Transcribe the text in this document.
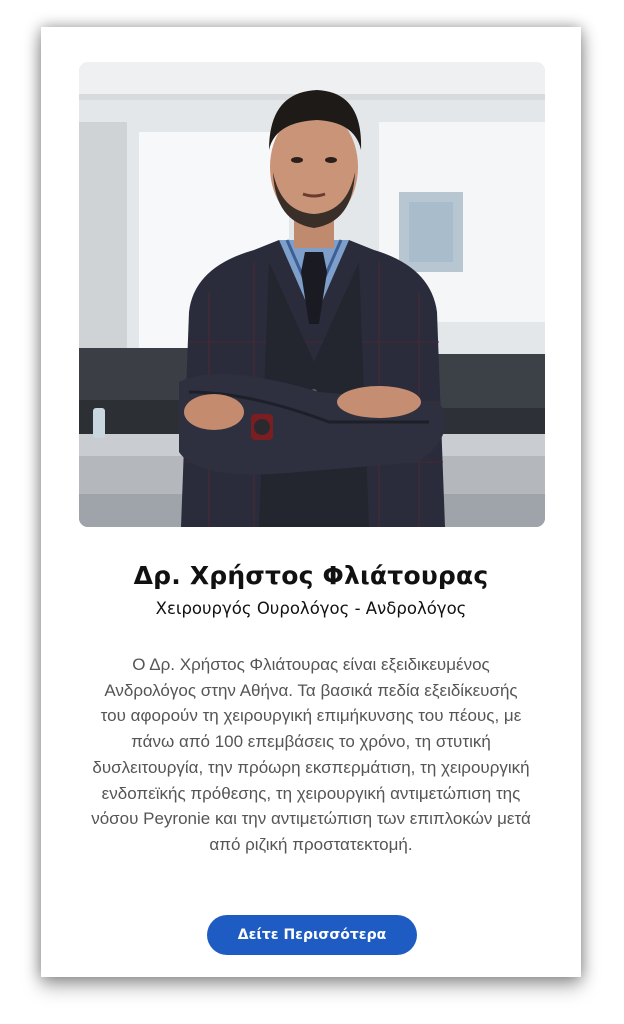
Δρ. Χρήστος Φλιάτουρας
Χειρουργός Ουρολόγος - Ανδρολόγος
Ο Δρ. Χρήστος Φλιάτουρας είναι εξειδικευμένος Ανδρολόγος στην Αθήνα. Τα βασικά πεδία εξειδίκευσής του αφορούν τη χειρουργική επιμήκυνσης του πέους, με πάνω από 100 επεμβάσεις το χρόνο, τη στυτική δυσλειτουργία, την πρόωρη εκσπερμάτιση, τη χειρουργική ενδοπεϊκής πρόθεσης, τη χειρουργική αντιμετώπιση της νόσου Peyronie και την αντιμετώπιση των επιπλοκών μετά από ριζική προστατεκτομή.
Δείτε Περισσότερα
